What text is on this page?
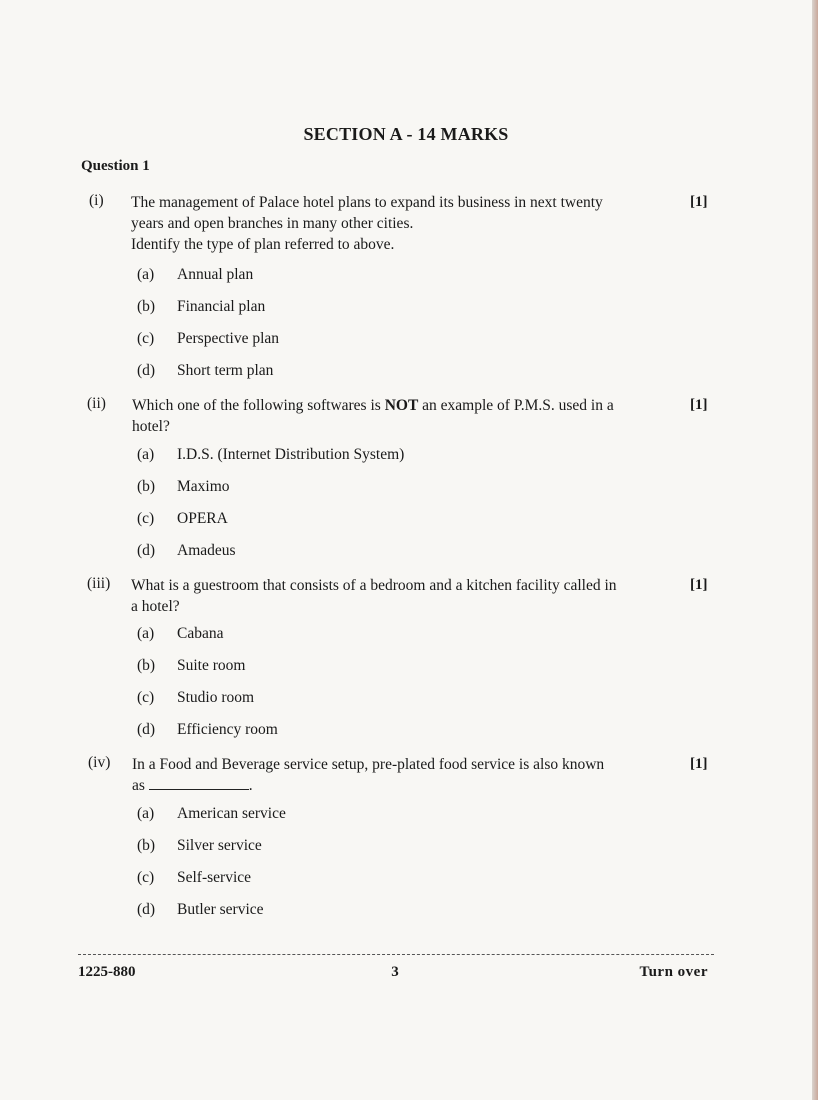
SECTION A - 14 MARKS
Question 1
(i) The management of Palace hotel plans to expand its business in next twenty
years and open branches in many other cities.
Identify the type of plan referred to above.
[1]
(a) Annual plan
(b) Financial plan
(c) Perspective plan
(d) Short term plan
(ii) Which one of the following softwares is NOT an example of P.M.S. used in a
hotel?
[1]
(a) I.D.S. (Internet Distribution System)
(b) Maximo
(c) OPERA
(d) Amadeus
(iii) What is a guestroom that consists of a bedroom and a kitchen facility called in
a hotel?
[1]
(a) Cabana
(b) Suite room
(c) Studio room
(d) Efficiency room
(iv) In a Food and Beverage service setup, pre-plated food service is also known
as	.
[1]
(a) American service
(b) Silver service
(c) Self-service
(d) Butler service
1225-880	3	Turn over
